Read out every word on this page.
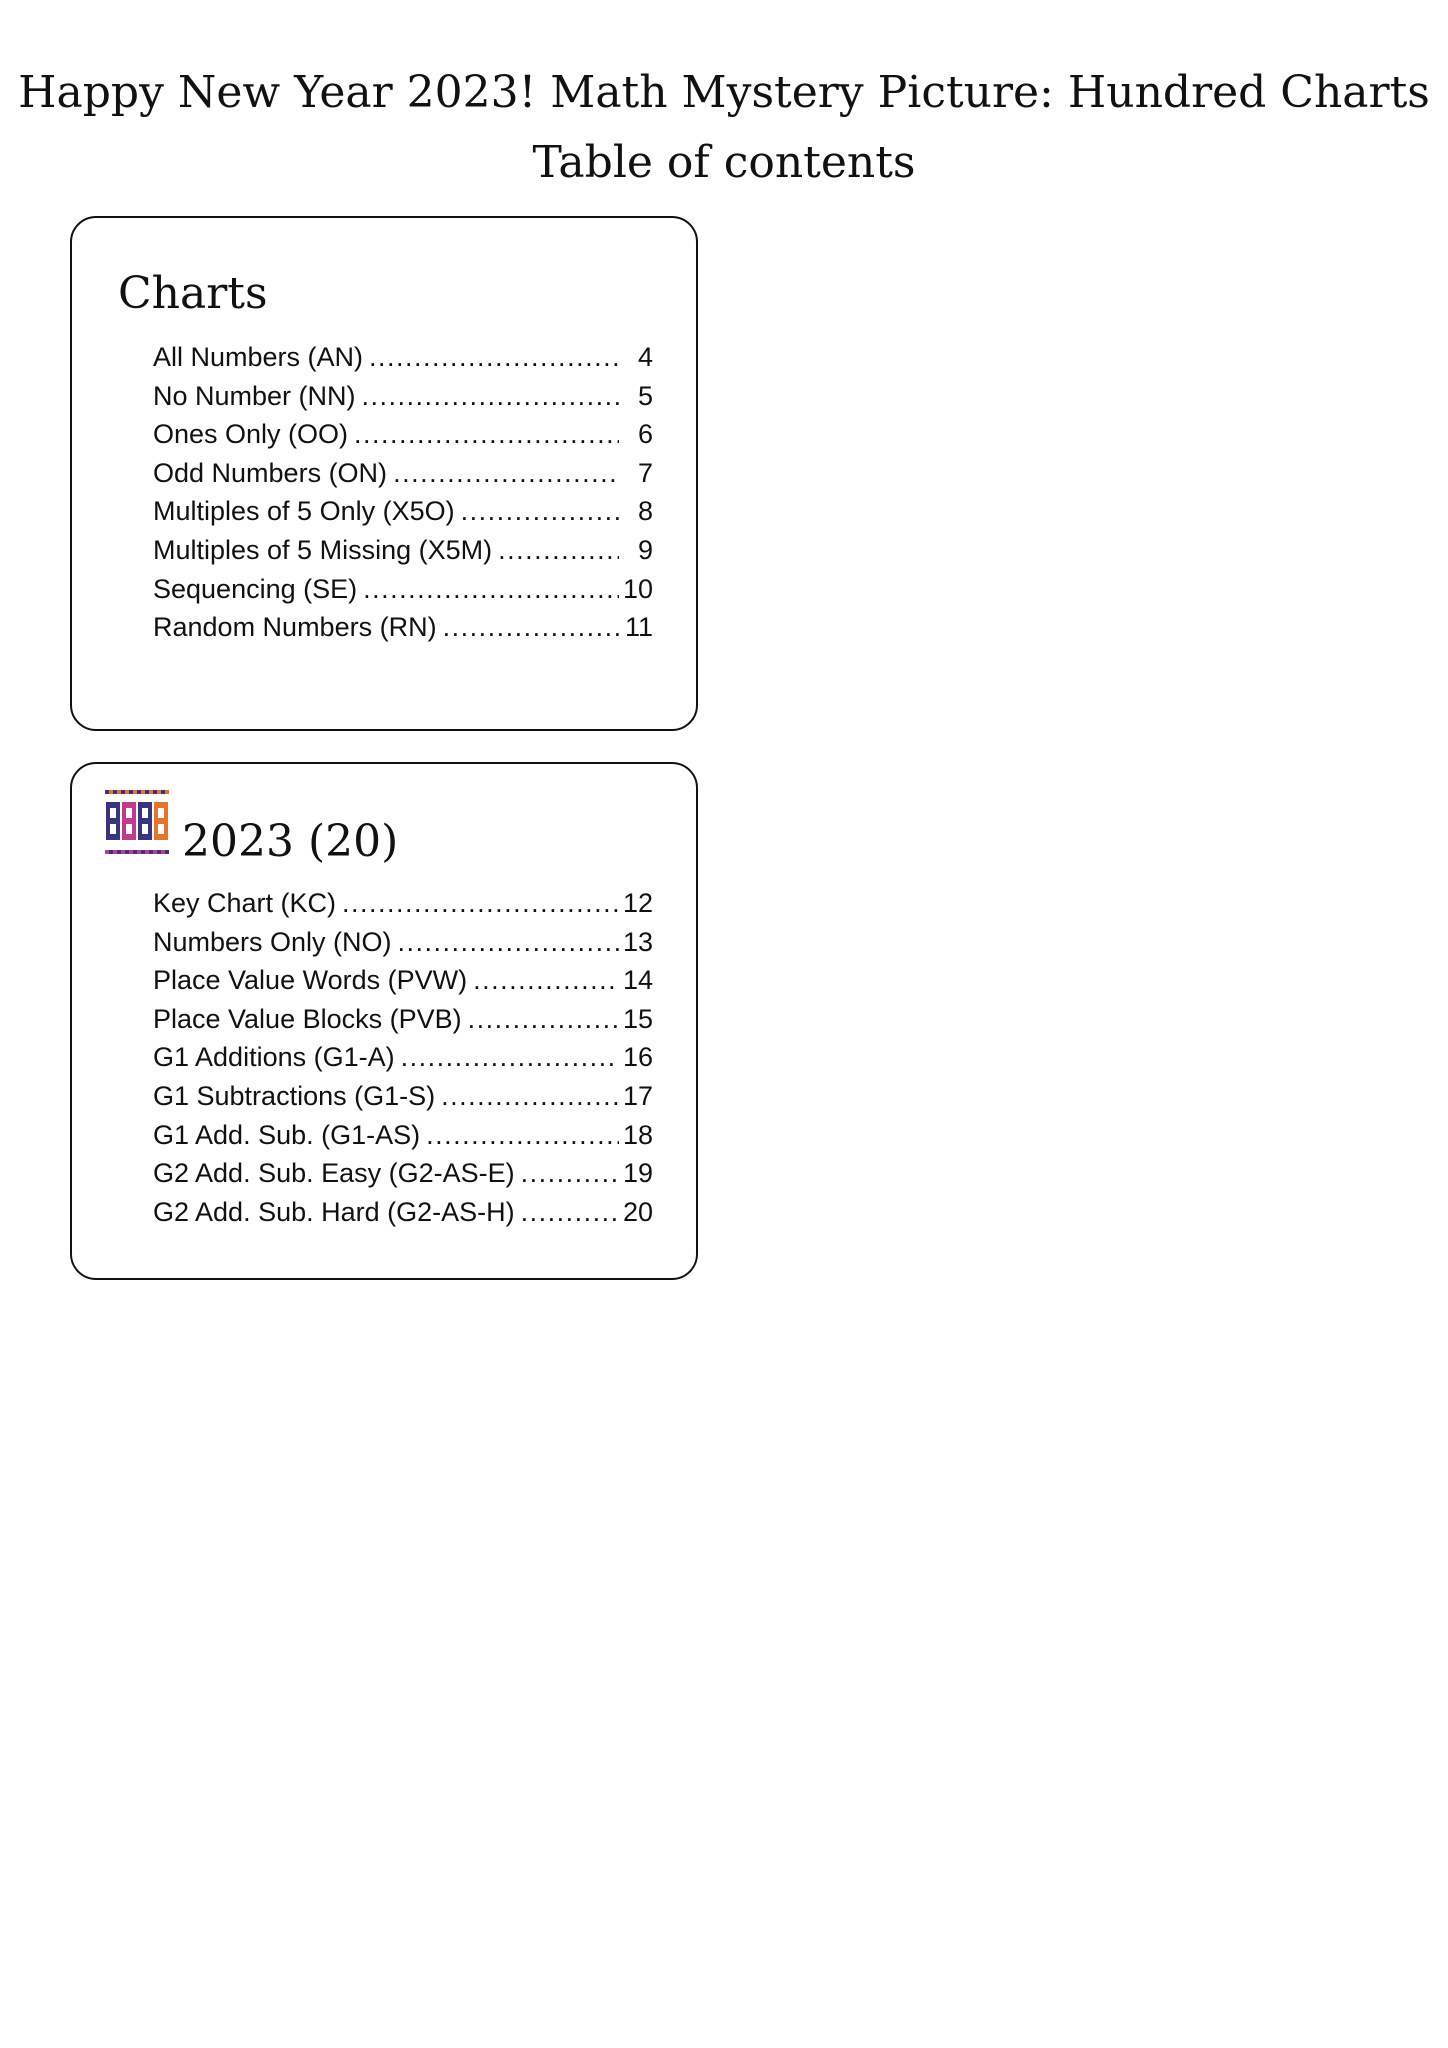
Happy New Year 2023! Math Mystery Picture: Hundred Charts
Table of contents
Charts
All Numbers (AN) .....	4
No Number (NN) .....	5
Ones Only (OO) .....	6
Odd Numbers (ON) .....	7
Multiples of 5 Only (X5O) .....	8
Multiples of 5 Missing (X5M) .....	9
Sequencing (SE) .....	10
Random Numbers (RN) .....	11
2023 (20)
Key Chart (KC) .....	12
Numbers Only (NO) .....	13
Place Value Words (PVW) .....	14
Place Value Blocks (PVB) .....	15
G1 Additions (G1-A) .....	16
G1 Subtractions (G1-S) .....	17
G1 Add. Sub. (G1-AS) .....	18
G2 Add. Sub. Easy (G2-AS-E) .....	19
G2 Add. Sub. Hard (G2-AS-H) .....	20
